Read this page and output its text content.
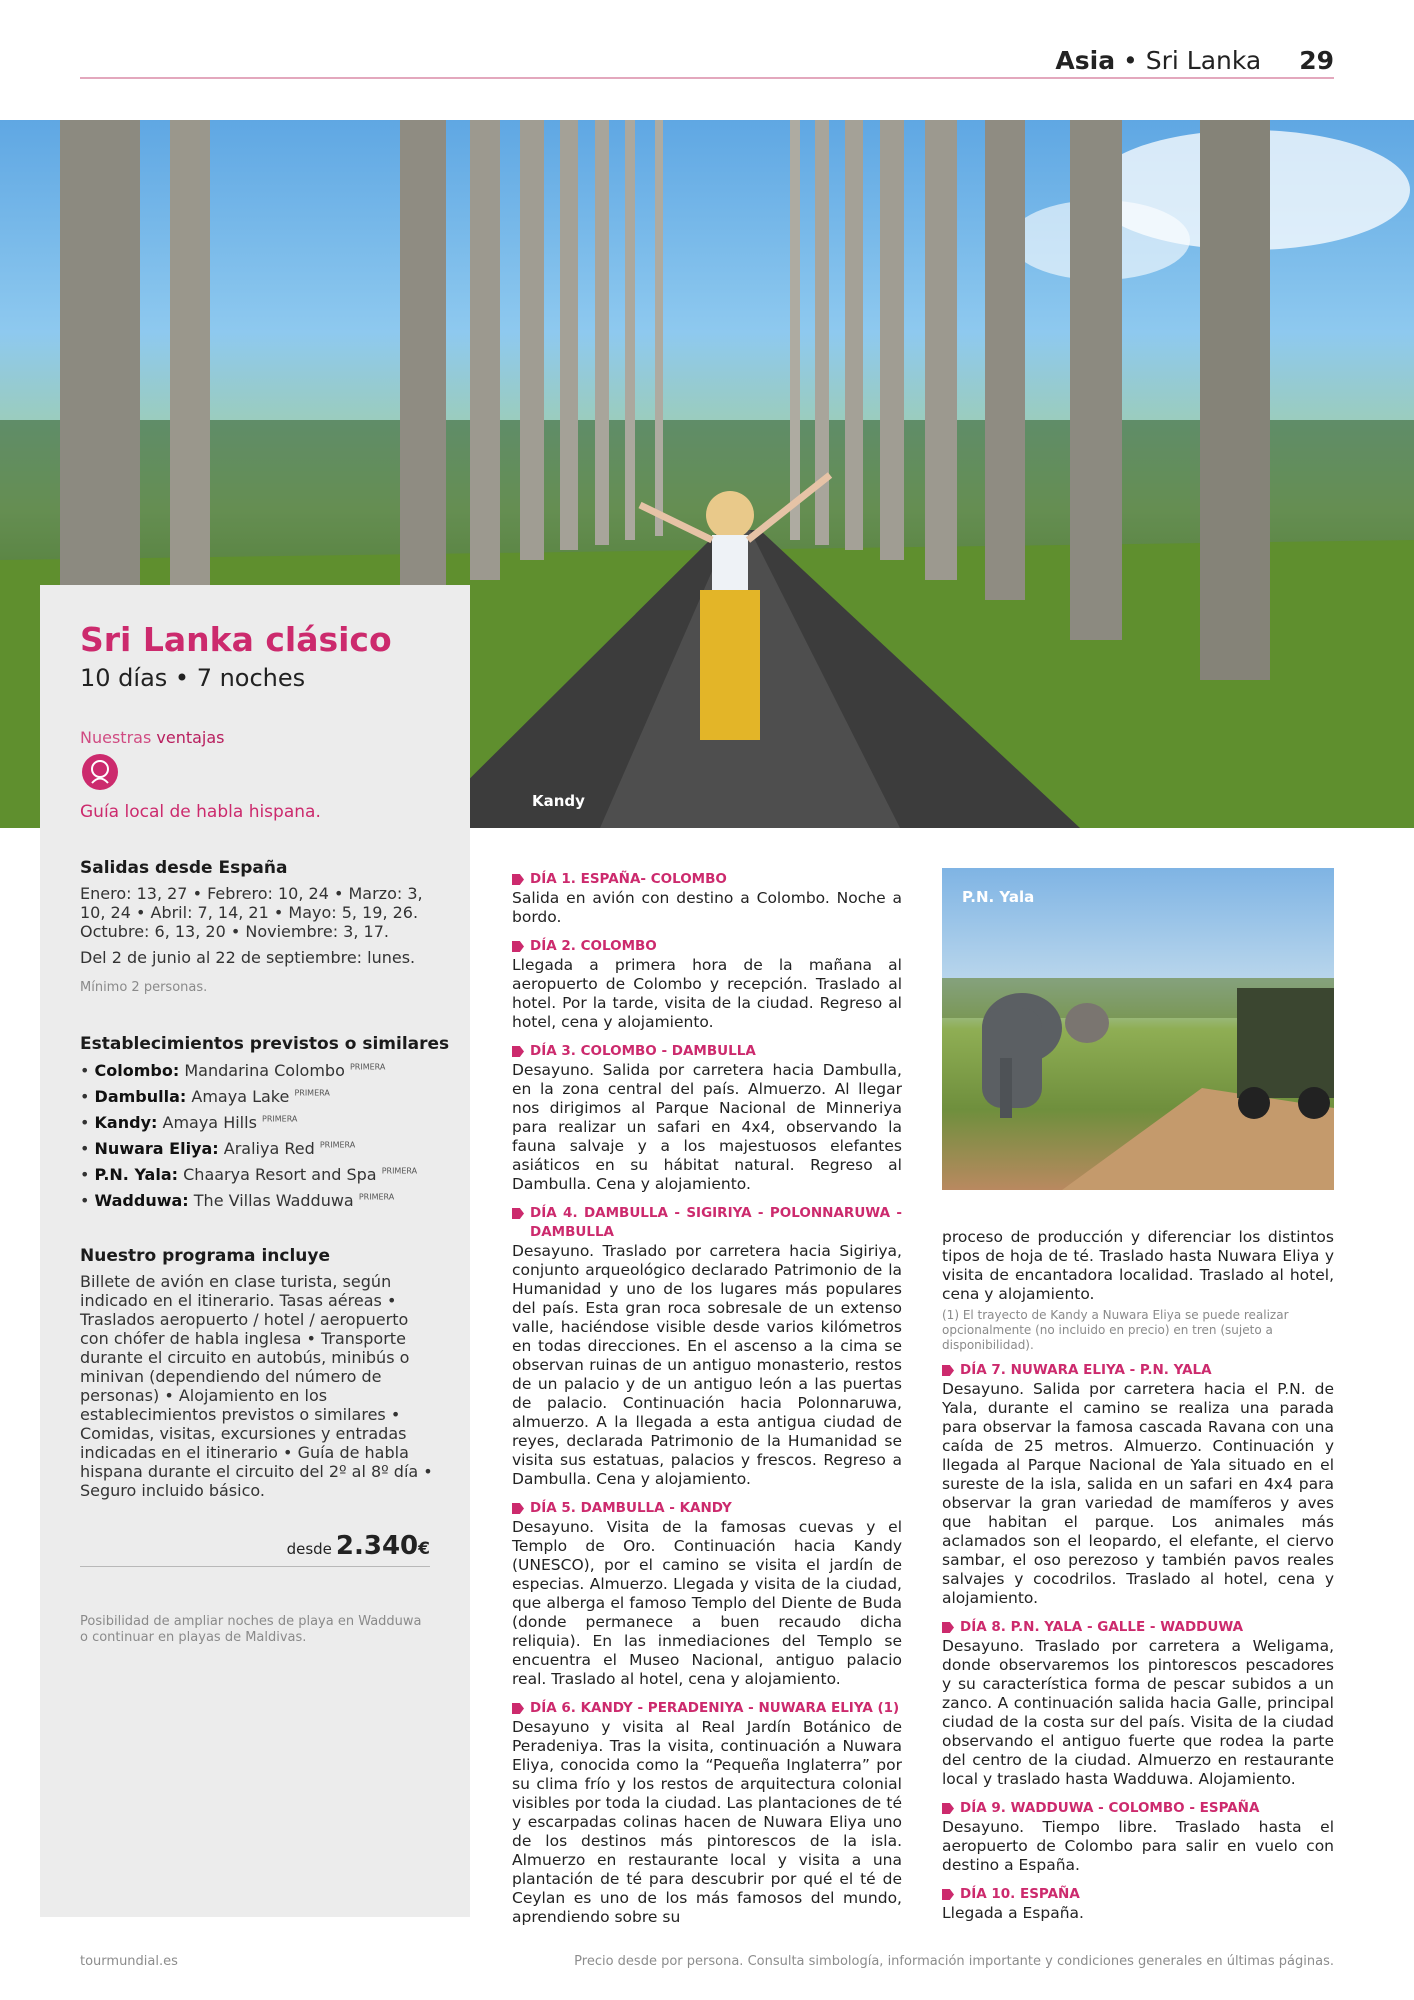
Asia • Sri Lanka 29
Kandy
Sri Lanka clásico
10 días • 7 noches
Nuestras ventajas
Guía local de habla hispana.
Salidas desde España
Enero: 13, 27 • Febrero: 10, 24 • Marzo: 3, 10, 24 • Abril: 7, 14, 21 • Mayo: 5, 19, 26. Octubre: 6, 13, 20 • Noviembre: 3, 17.
Del 2 de junio al 22 de septiembre: lunes.
Mínimo 2 personas.
Establecimientos previstos o similares
• Colombo: Mandarina Colombo $^{PRIMERA}$
• Dambulla: Amaya Lake $^{PRIMERA}$
• Kandy: Amaya Hills $^{PRIMERA}$
• Nuwara Eliya: Araliya Red $^{PRIMERA}$
• P.N. Yala: Chaarya Resort and Spa $^{PRIMERA}$
• Wadduwa: The Villas Wadduwa $^{PRIMERA}$
Nuestro programa incluye
Billete de avión en clase turista, según indicado en el itinerario. Tasas aéreas • Traslados aeropuerto / hotel / aeropuerto con chófer de habla inglesa • Transporte durante el circuito en autobús, minibús o minivan (dependiendo del número de personas) • Alojamiento en los establecimientos previstos o similares • Comidas, visitas, excursiones y entradas indicadas en el itinerario • Guía de habla hispana durante el circuito del 2º al 8º día • Seguro incluido básico.
desde 2.340€
Posibilidad de ampliar noches de playa en Wadduwa o continuar en playas de Maldivas.
DÍA 1. ESPAÑA- COLOMBO

Salida en avión con destino a Colombo. Noche a bordo.

DÍA 2. COLOMBO

Llegada a primera hora de la mañana al aeropuerto de Colombo y recepción. Traslado al hotel. Por la tarde, visita de la ciudad. Regreso al hotel, cena y alojamiento.

DÍA 3. COLOMBO - DAMBULLA

Desayuno. Salida por carretera hacia Dambulla, en la zona central del país. Almuerzo. Al llegar nos dirigimos al Parque Nacional de Minneriya para realizar un safari en 4x4, observando la fauna salvaje y a los majestuosos elefantes asiáticos en su hábitat natural. Regreso al Dambulla. Cena y alojamiento.

DÍA 4. DAMBULLA - SIGIRIYA - POLONNARUWA - DAMBULLA

Desayuno. Traslado por carretera hacia Sigiriya, conjunto arqueológico declarado Patrimonio de la Humanidad y uno de los lugares más populares del país. Esta gran roca sobresale de un extenso valle, haciéndose visible desde varios kilómetros en todas direcciones. En el ascenso a la cima se observan ruinas de un antiguo monasterio, restos de un palacio y de un antiguo león a las puertas de palacio. Continuación hacia Polonnaruwa, almuerzo. A la llegada a esta antigua ciudad de reyes, declarada Patrimonio de la Humanidad se visita sus estatuas, palacios y frescos. Regreso a Dambulla. Cena y alojamiento.

DÍA 5. DAMBULLA - KANDY

Desayuno. Visita de la famosas cuevas y el Templo de Oro. Continuación hacia Kandy (UNESCO), por el camino se visita el jardín de especias. Almuerzo. Llegada y visita de la ciudad, que alberga el famoso Templo del Diente de Buda (donde permanece a buen recaudo dicha reliquia). En las inmediaciones del Templo se encuentra el Museo Nacional, antiguo palacio real. Traslado al hotel, cena y alojamiento.

DÍA 6. KANDY - PERADENIYA - NUWARA ELIYA (1)

Desayuno y visita al Real Jardín Botánico de Peradeniya. Tras la visita, continuación a Nuwara Eliya, conocida como la “Pequeña Inglaterra” por su clima frío y los restos de arquitectura colonial visibles por toda la ciudad. Las plantaciones de té y escarpadas colinas hacen de Nuwara Eliya uno de los destinos más pintorescos de la isla. Almuerzo en restaurante local y visita a una plantación de té para descubrir por qué el té de Ceylan es uno de los más famosos del mundo, aprendiendo sobre su

P.N. Yala

proceso de producción y diferenciar los distintos tipos de hoja de té. Traslado hasta Nuwara Eliya y visita de encantadora localidad. Traslado al hotel, cena y alojamiento.

(1) El trayecto de Kandy a Nuwara Eliya se puede realizar opcionalmente (no incluido en precio) en tren (sujeto a disponibilidad).

DÍA 7. NUWARA ELIYA - P.N. YALA

Desayuno. Salida por carretera hacia el P.N. de Yala, durante el camino se realiza una parada para observar la famosa cascada Ravana con una caída de 25 metros. Almuerzo. Continuación y llegada al Parque Nacional de Yala situado en el sureste de la isla, salida en un safari en 4x4 para observar la gran variedad de mamíferos y aves que habitan el parque. Los animales más aclamados son el leopardo, el elefante, el ciervo sambar, el oso perezoso y también pavos reales salvajes y cocodrilos. Traslado al hotel, cena y alojamiento.

DÍA 8. P.N. YALA - GALLE - WADDUWA

Desayuno. Traslado por carretera a Weligama, donde observaremos los pintorescos pescadores y su característica forma de pescar subidos a un zanco. A continuación salida hacia Galle, principal ciudad de la costa sur del país. Visita de la ciudad observando el antiguo fuerte que rodea la parte del centro de la ciudad. Almuerzo en restaurante local y traslado hasta Wadduwa. Alojamiento.

DÍA 9. WADDUWA - COLOMBO - ESPAÑA

Desayuno. Tiempo libre. Traslado hasta el aeropuerto de Colombo para salir en vuelo con destino a España.

DÍA 10. ESPAÑA

Llegada a España.

tourmundial.es	Precio desde por persona. Consulta simbología, información importante y condiciones generales en últimas páginas.
